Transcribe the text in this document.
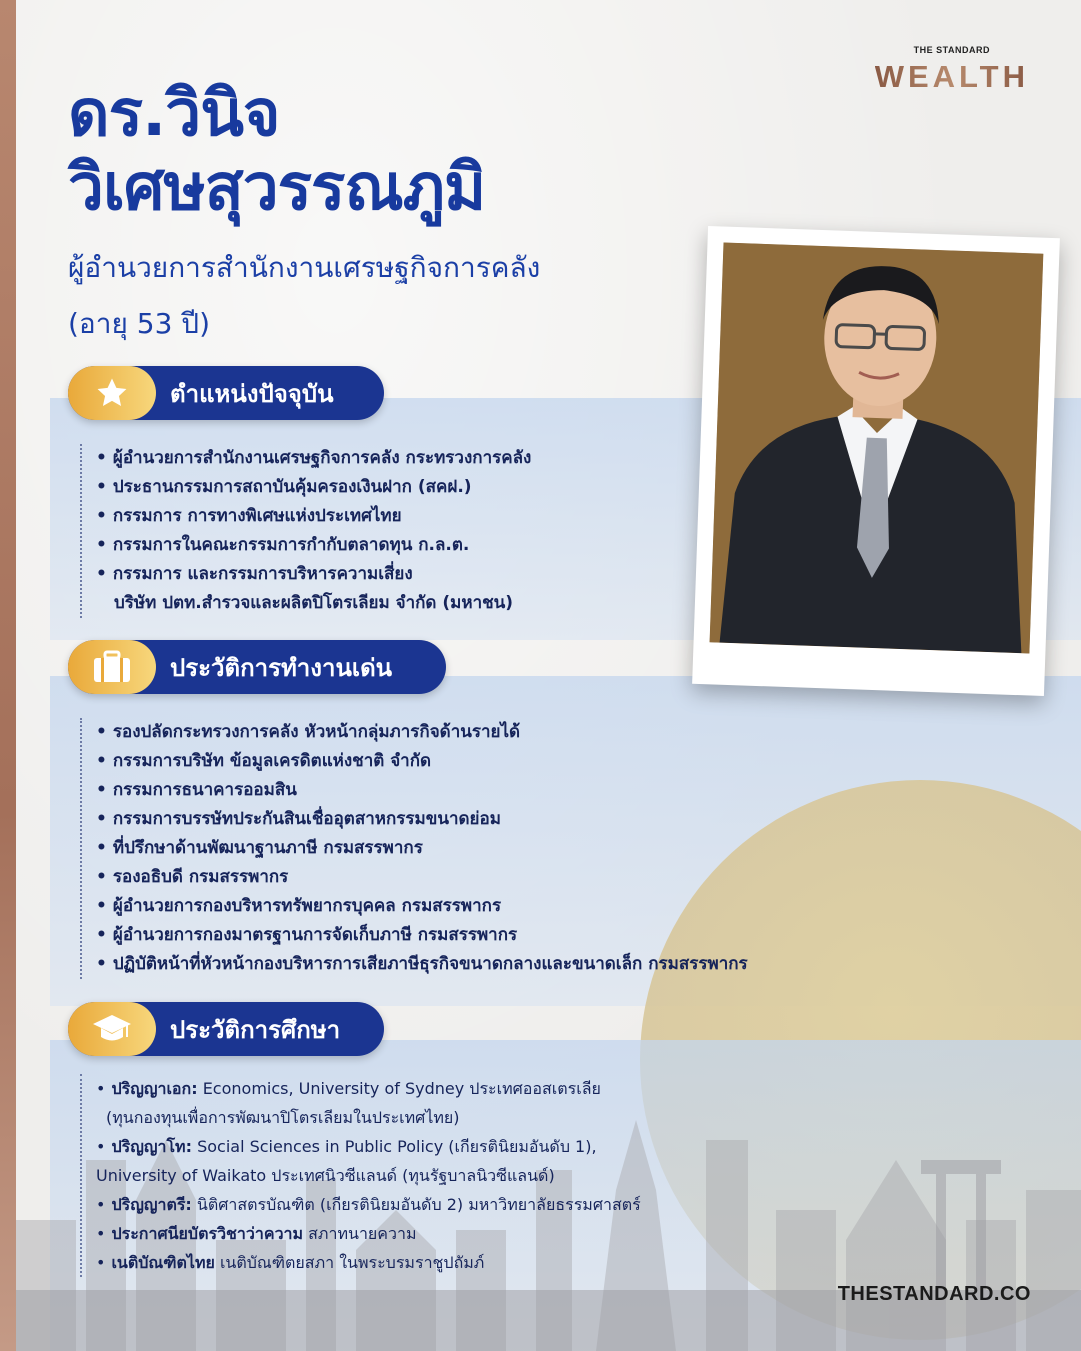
THE STANDARD
WEALTH
ดร.วินิจ
วิเศษสุวรรณภูมิ
ผู้อำนวยการสำนักงานเศรษฐกิจการคลัง
(อายุ 53 ปี)
ตำแหน่งปัจจุบัน
• ผู้อำนวยการสำนักงานเศรษฐกิจการคลัง กระทรวงการคลัง
• ประธานกรรมการสถาบันคุ้มครองเงินฝาก (สคฝ.)
• กรรมการ การทางพิเศษแห่งประเทศไทย
• กรรมการในคณะกรรมการกำกับตลาดทุน ก.ล.ต.
• กรรมการ และกรรมการบริหารความเสี่ยง
บริษัท ปตท.สำรวจและผลิตปิโตรเลียม จำกัด (มหาชน)
ประวัติการทำงานเด่น
• รองปลัดกระทรวงการคลัง หัวหน้ากลุ่มภารกิจด้านรายได้
• กรรมการบริษัท ข้อมูลเครดิตแห่งชาติ จำกัด
• กรรมการธนาคารออมสิน
• กรรมการบรรษัทประกันสินเชื่ออุตสาหกรรมขนาดย่อม
• ที่ปรึกษาด้านพัฒนาฐานภาษี กรมสรรพากร
• รองอธิบดี กรมสรรพากร
• ผู้อำนวยการกองบริหารทรัพยากรบุคคล กรมสรรพากร
• ผู้อำนวยการกองมาตรฐานการจัดเก็บภาษี กรมสรรพากร
• ปฏิบัติหน้าที่หัวหน้ากองบริหารการเสียภาษีธุรกิจขนาดกลางและขนาดเล็ก กรมสรรพากร
ประวัติการศึกษา
• ปริญญาเอก: Economics, University of Sydney ประเทศออสเตรเลีย
(ทุนกองทุนเพื่อการพัฒนาปิโตรเลียมในประเทศไทย)
• ปริญญาโท: Social Sciences in Public Policy (เกียรตินิยมอันดับ 1),
University of Waikato ประเทศนิวซีแลนด์ (ทุนรัฐบาลนิวซีแลนด์)
• ปริญญาตรี: นิติศาสตรบัณฑิต (เกียรตินิยมอันดับ 2) มหาวิทยาลัยธรรมศาสตร์
• ประกาศนียบัตรวิชาว่าความ สภาทนายความ
• เนติบัณฑิตไทย เนติบัณฑิตยสภา ในพระบรมราชูปถัมภ์
THESTANDARD.CO
